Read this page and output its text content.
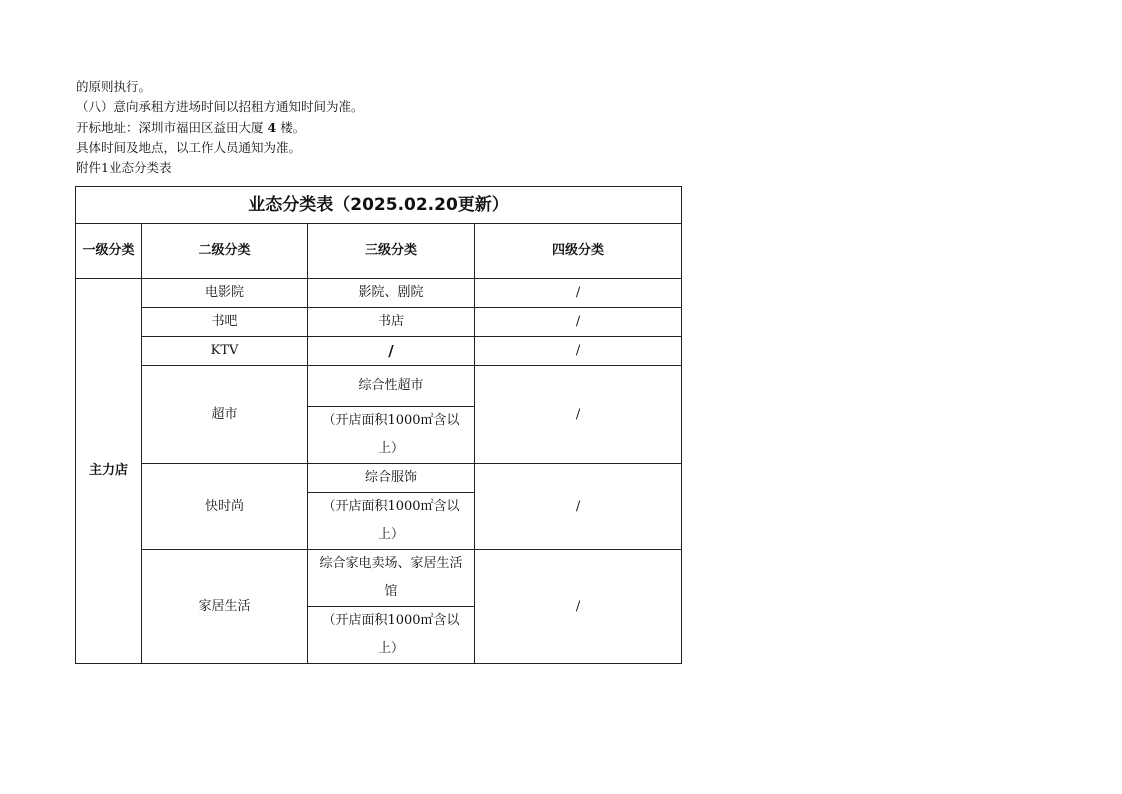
的原则执行。
（八）意向承租方进场时间以招租方通知时间为准。
开标地址：深圳市福田区益田大厦 4 楼。
具体时间及地点，以工作人员通知为准。
附件1业态分类表
业态分类表（2025.02.20更新）			
一级分类	二级分类	三级分类	四级分类
主力店	电影院	影院、剧院	/
	书吧	书店	/
	KTV	/	/
	超市	综合性超市	/
		（开店面积1000㎡含以上）	
	快时尚	综合服饰	/
		（开店面积1000㎡含以上）	
	家居生活	综合家电卖场、家居生活馆	/
		（开店面积1000㎡含以上）	
